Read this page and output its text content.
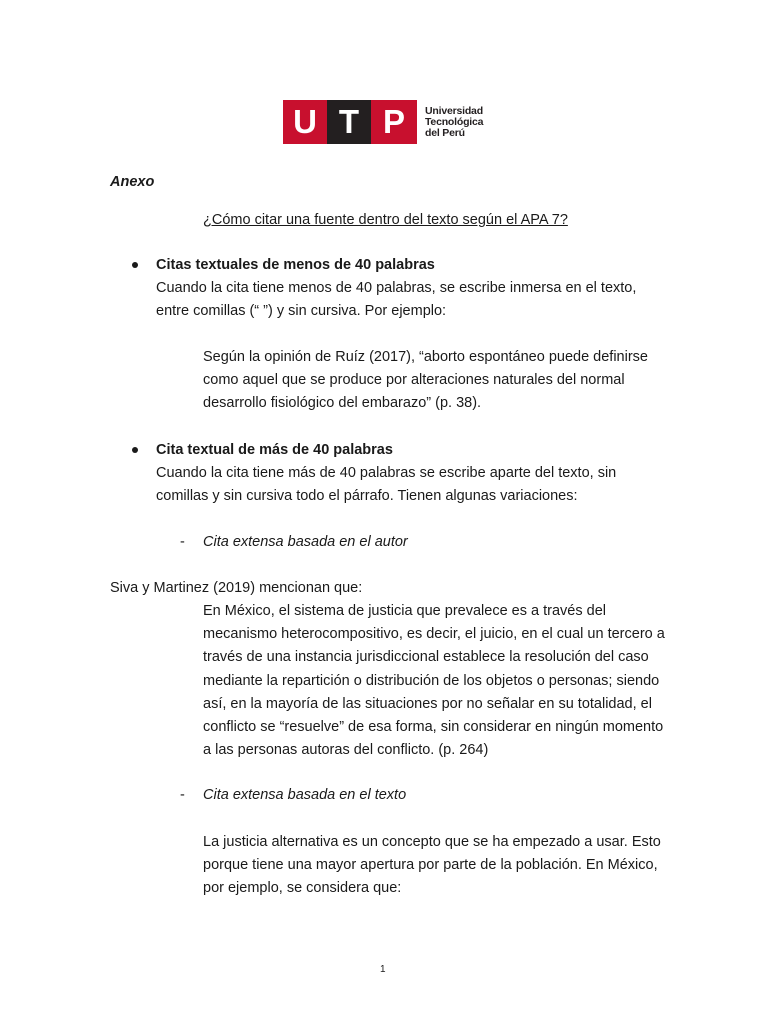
U T P	Universidad
Tecnológica
del Perú
Anexo
¿Cómo citar una fuente dentro del texto según el APA 7?
Citas textuales de menos de 40 palabras
Cuando la cita tiene menos de 40 palabras, se escribe inmersa en el texto,
entre comillas (“ ”) y sin cursiva. Por ejemplo:
Según la opinión de Ruíz (2017), “aborto espontáneo puede definirse
como aquel que se produce por alteraciones naturales del normal
desarrollo fisiológico del embarazo” (p. 38).
Cita textual de más de 40 palabras
Cuando la cita tiene más de 40 palabras se escribe aparte del texto, sin
comillas y sin cursiva todo el párrafo. Tienen algunas variaciones:
- Cita extensa basada en el autor
Siva y Martinez (2019) mencionan que:
En México, el sistema de justicia que prevalece es a través del
mecanismo heterocompositivo, es decir, el juicio, en el cual un tercero a
través de una instancia jurisdiccional establece la resolución del caso
mediante la repartición o distribución de los objetos o personas; siendo
así, en la mayoría de las situaciones por no señalar en su totalidad, el
conflicto se “resuelve” de esa forma, sin considerar en ningún momento
a las personas autoras del conflicto. (p. 264)
- Cita extensa basada en el texto
La justicia alternativa es un concepto que se ha empezado a usar. Esto
porque tiene una mayor apertura por parte de la población. En México,
por ejemplo, se considera que:
1
